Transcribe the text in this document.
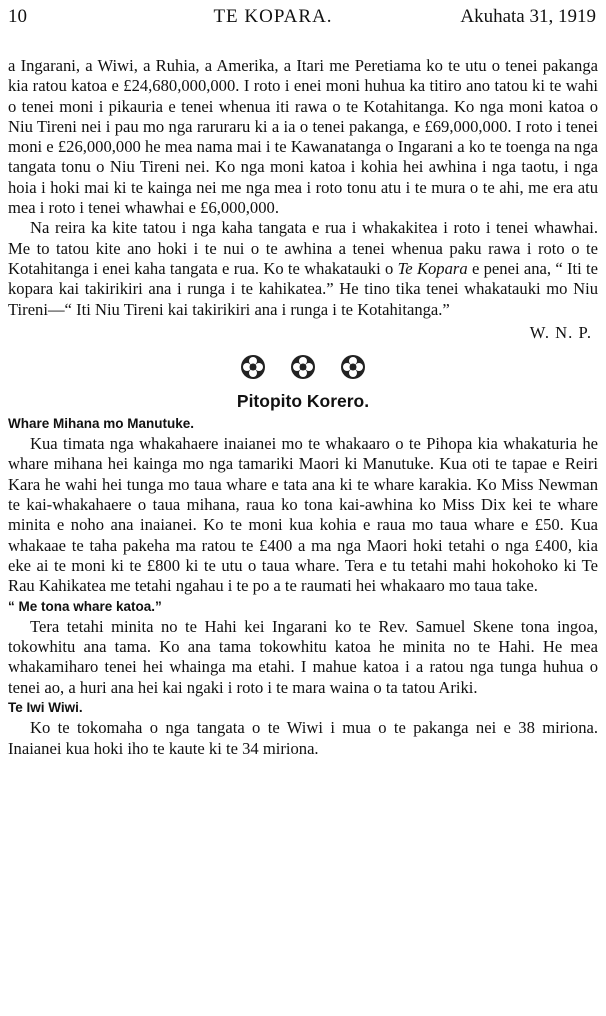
10	TE KOPARA.	Akuhata 31, 1919

a Ingarani, a Wiwi, a Ruhia, a Amerika, a Itari me Peretiama ko te utu o tenei pakanga kia ratou katoa e £24,680,000,000. I roto i enei moni huhua ka titiro ano tatou ki te wahi o tenei moni i pikauria e tenei whenua iti rawa o te Kotahitanga. Ko nga moni katoa o Niu Tireni nei i pau mo nga raruraru ki a ia o tenei pakanga, e £69,000,000. I roto i tenei moni e £26,000,000 he mea nama mai i te Kawanatanga o Ingarani a ko te toenga na nga tangata tonu o Niu Tireni nei. Ko nga moni katoa i kohia hei awhina i nga taotu, i nga hoia i hoki mai ki te kainga nei me nga mea i roto tonu atu i te mura o te ahi, me era atu mea i roto i tenei whawhai e £6,000,000.

Na reira ka kite tatou i nga kaha tangata e rua i whakakitea i roto i tenei whawhai. Me to tatou kite ano hoki i te nui o te awhina a tenei whenua paku rawa i roto o te Kotahitanga i enei kaha tangata e rua. Ko te whakatauki o Te Kopara e penei ana, “ Iti te kopara kai takirikiri ana i runga i te kahikatea.” He tino tika tenei whakatauki mo Niu Tireni—“ Iti Niu Tireni kai takirikiri ana i runga i te Kotahitanga.”

W. N. P.
Pitopito Korero.

Whare Mihana mo Manutuke.

Kua timata nga whakahaere inaianei mo te whakaaro o te Pihopa kia whakaturia he whare mihana hei kainga mo nga tamariki Maori ki Manutuke. Kua oti te tapae e Reiri Kara he wahi hei tunga mo taua whare e tata ana ki te whare karakia. Ko Miss Newman te kai-whakahaere o taua mihana, raua ko tona kai-awhina ko Miss Dix kei te whare minita e noho ana inaianei. Ko te moni kua kohia e raua mo taua whare e £50. Kua whakaae te taha pakeha ma ratou te £400 a ma nga Maori hoki tetahi o nga £400, kia eke ai te moni ki te £800 ki te utu o taua whare. Tera e tu tetahi mahi hokohoko ki Te Rau Kahikatea me tetahi ngahau i te po a te raumati hei whakaaro mo taua take.

“ Me tona whare katoa.”

Tera tetahi minita no te Hahi kei Ingarani ko te Rev. Samuel Skene tona ingoa, tokowhitu ana tama. Ko ana tama tokowhitu katoa he minita no te Hahi. He mea whakamiharo tenei hei whainga ma etahi. I mahue katoa i a ratou nga tunga huhua o tenei ao, a huri ana hei kai ngaki i roto i te mara waina o ta tatou Ariki.

Te Iwi Wiwi.

Ko te tokomaha o nga tangata o te Wiwi i mua o te pakanga nei e 38 miriona. Inaianei kua hoki iho te kaute ki te 34 miriona.
